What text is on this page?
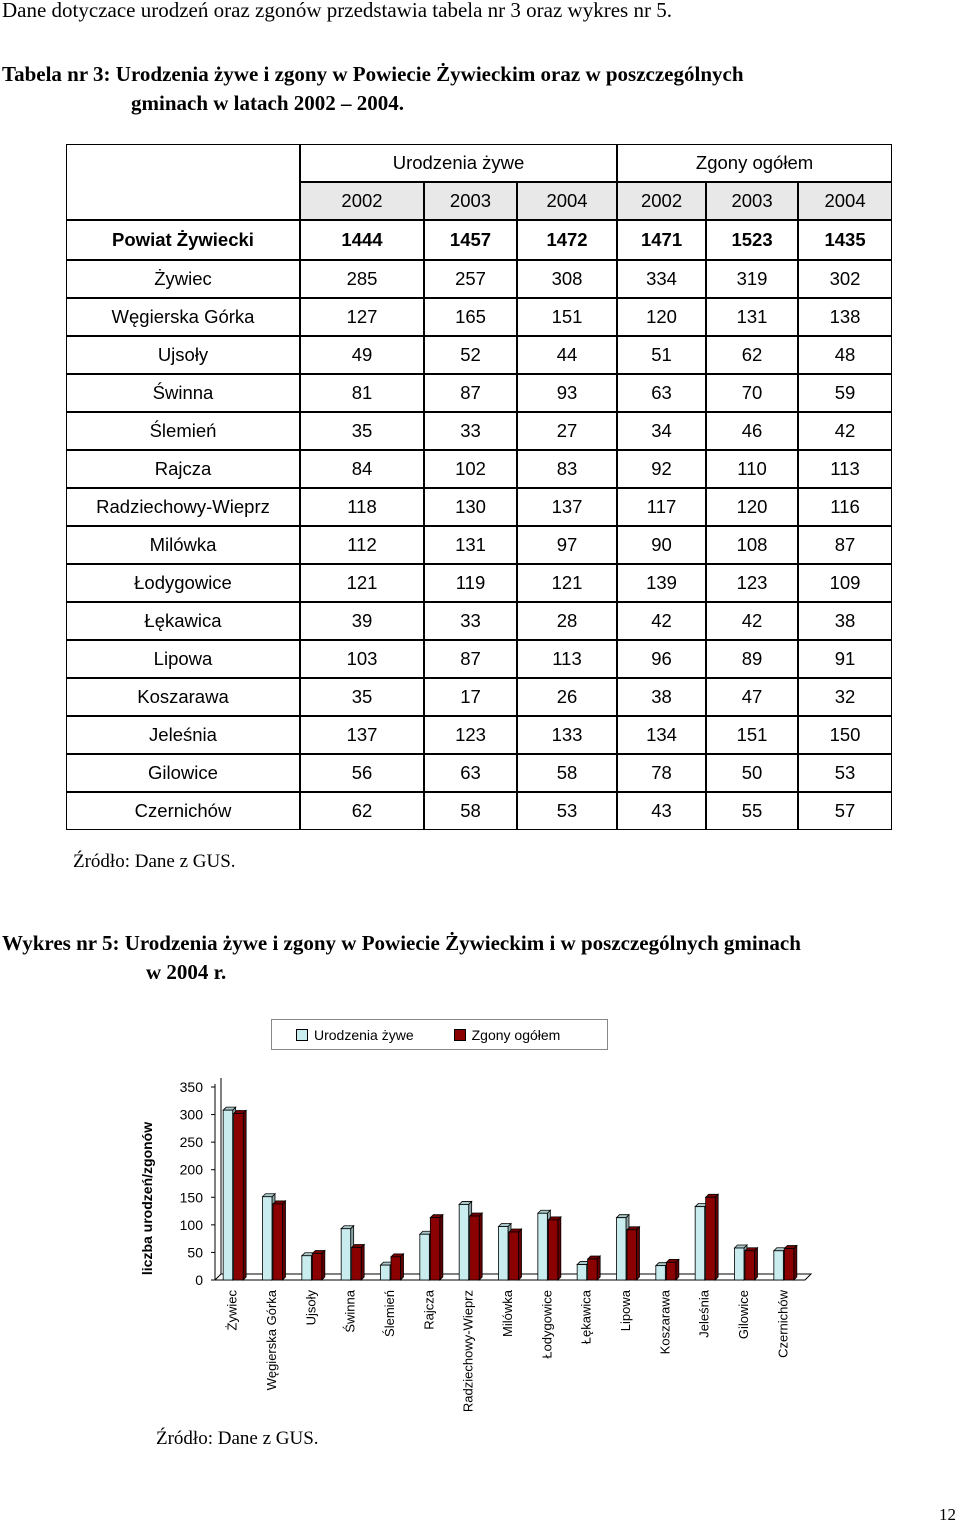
Dane dotyczace urodzeń oraz zgonów przedstawia tabela nr 3 oraz wykres nr 5.
Tabela nr 3: Urodzenia żywe i zgony w Powiecie Żywieckim oraz w poszczególnych
gminach w latach 2002 – 2004.
	Urodzenia żywe			Zgony ogółem		
	2002	2003	2004	2002	2003	2004
Powiat Żywiecki	1444	1457	1472	1471	1523	1435
Żywiec	285	257	308	334	319	302
Węgierska Górka	127	165	151	120	131	138
Ujsoły	49	52	44	51	62	48
Świnna	81	87	93	63	70	59
Ślemień	35	33	27	34	46	42
Rajcza	84	102	83	92	110	113
Radziechowy-Wieprz	118	130	137	117	120	116
Milówka	112	131	97	90	108	87
Łodygowice	121	119	121	139	123	109
Łękawica	39	33	28	42	42	38
Lipowa	103	87	113	96	89	91
Koszarawa	35	17	26	38	47	32
Jeleśnia	137	123	133	134	151	150
Gilowice	56	63	58	78	50	53
Czernichów	62	58	53	43	55	57
Źródło: Dane z GUS.
Wykres nr 5: Urodzenia żywe i zgony w Powiecie Żywieckim i w poszczególnych gminach
w 2004 r.
Urodzenia żywe	Zgony ogółem
0
50
100
150
200
250
300
350
liczba urodzeń/zgonów
Żywiec Węgierska Górka Ujsoły Świnna Ślemień Rajcza Radziechowy-Wieprz Milówka Łodygowice Łękawica Lipowa Koszarawa Jeleśnia Gilowice Czernichów
Źródło: Dane z GUS.
12
